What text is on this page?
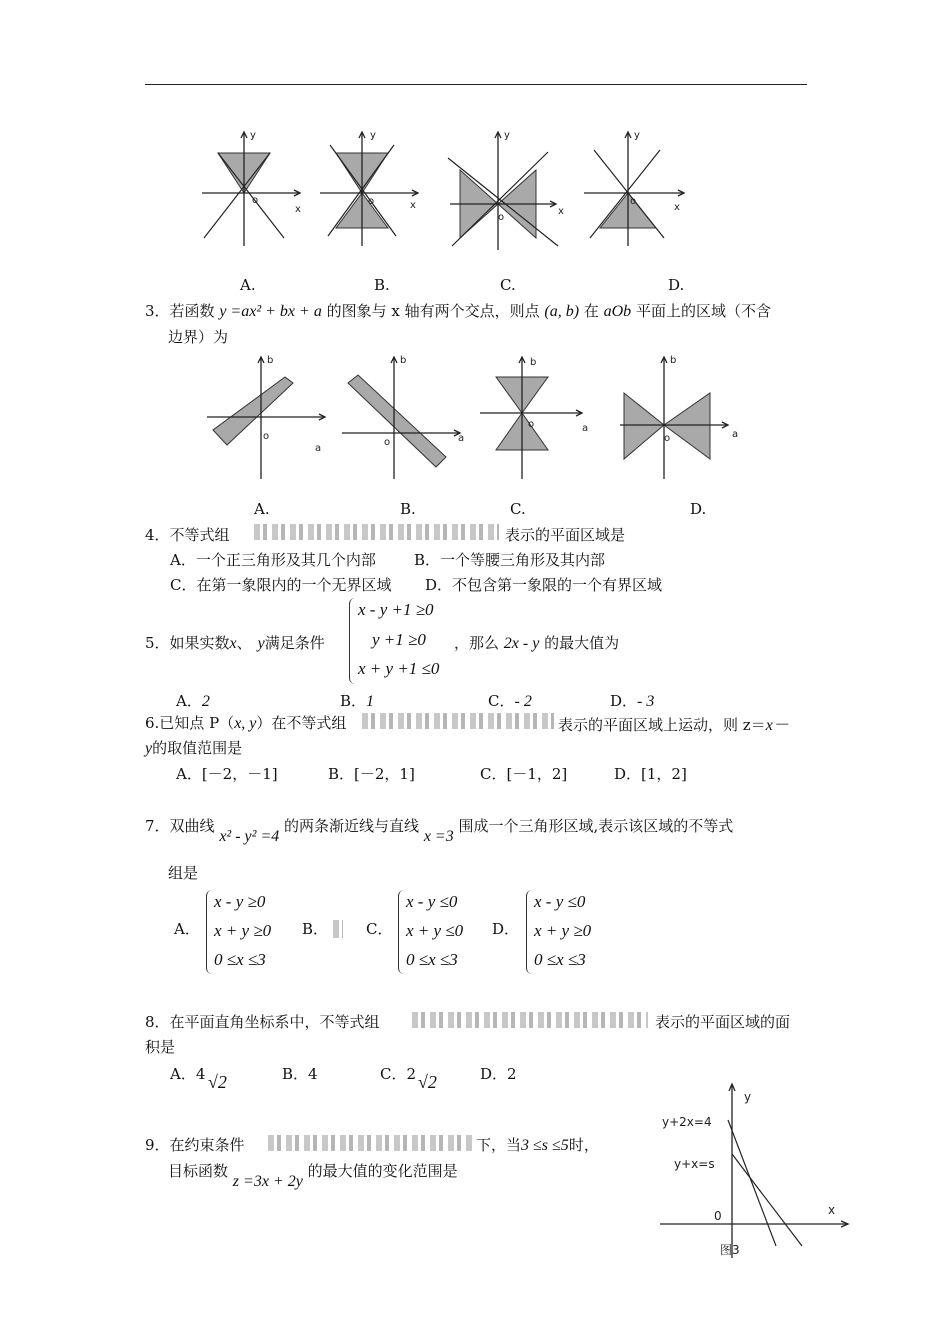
y
x
o
y
x
o
y
x
o
y
x
o
A.	B.	C.	D.
3．若函数 y =ax² + bx + a 的图象与 x 轴有两个交点，则点 (a, b) 在 aOb 平面上的区域（不含
边界）为
b
a
o
b
a
o
b
a
o
b
a
o
A.	B.	C.	D.
4．不等式组	表示的平面区域是
A．一个正三角形及其几个内部	B．一个等腰三角形及其内部
C．在第一象限内的一个无界区域 D．不包含第一象限的一个有界区域
5．如果实数x、 y满足条件
x - y +1 ≥0
y +1 ≥0
x + y +1 ≤0
，那么 2x - y 的最大值为
A．2	B．1	C．- 2	D．- 3
6.已知点 P（x, y）在不等式组	表示的平面区域上运动，则 z＝x－
y的取值范围是
A．[－2，－1]	B．[－2，1]	C．[－1，2]	D．[1，2]
7．双曲线 x² - y² =4 的两条渐近线与直线 x =3 围成一个三角形区域,表示该区域的不等式
组是
A．
x - y ≥0
x + y ≥0
0 ≤x ≤3
B．	C．
x - y ≤0
x + y ≤0
0 ≤x ≤3
D．
x - y ≤0
x + y ≥0
0 ≤x ≤3
8．在平面直角坐标系中，不等式组	表示的平面区域的面
积是
A．4 √2	B．4	C．2 √2	D．2
9．在约束条件	下，当3 ≤s ≤5时，
目标函数 z =3x + 2y 的最大值的变化范围是
y
x
0
y+2x=4
y+x=s
图3
